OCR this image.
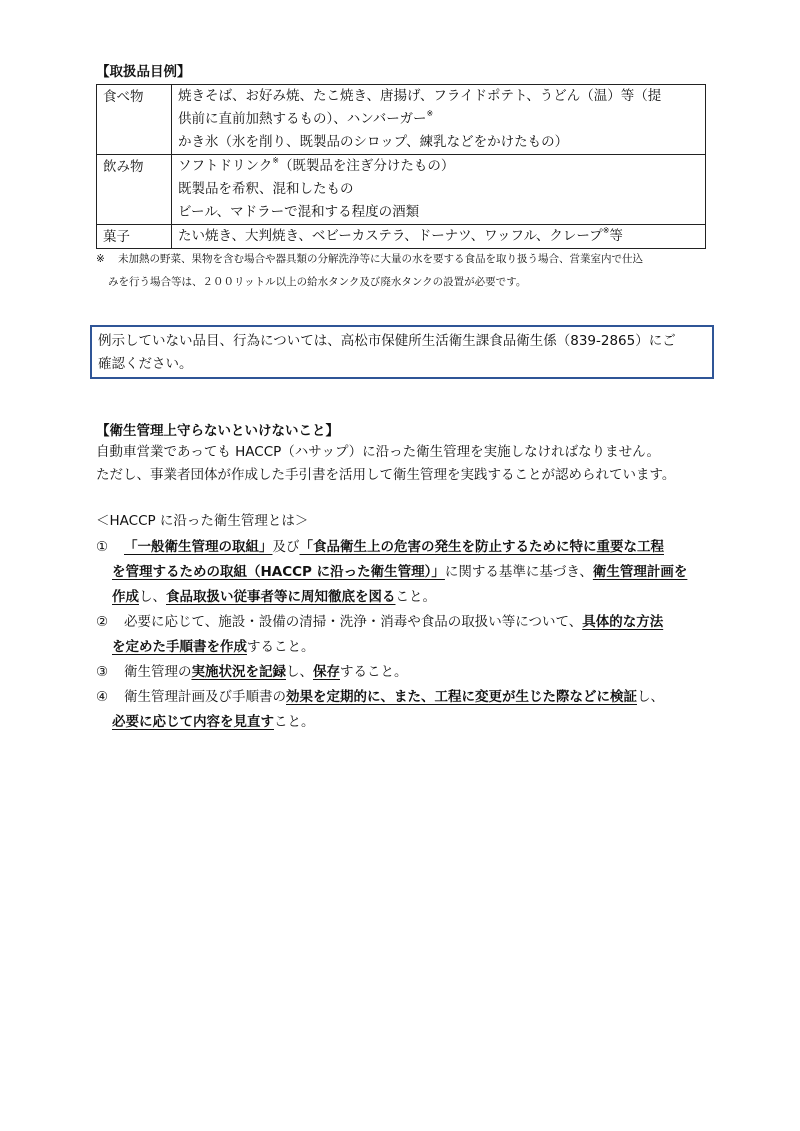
【取扱品目例】
食べ物	焼きそば、お好み焼、たこ焼き、唐揚げ、フライドポテト、うどん（温）等（提
供前に直前加熱するもの）、ハンバーガー※
かき氷（氷を削り、既製品のシロップ、練乳などをかけたもの）

飲み物	ソフトドリンク※（既製品を注ぎ分けたもの）
既製品を希釈、混和したもの
ビール、マドラーで混和する程度の酒類

菓子	たい焼き、大判焼き、ベビーカステラ、ドーナツ、ワッフル、クレープ※等
※ 未加熱の野菜、果物を含む場合や器具類の分解洗浄等に大量の水を要する食品を取り扱う場合、営業室内で仕込
みを行う場合等は、２００リットル以上の給水タンク及び廃水タンクの設置が必要です。
例示していない品目、行為については、高松市保健所生活衛生課食品衛生係（839-2865）にご
確認ください。
【衛生管理上守らないといけないこと】
自動車営業であっても HACCP（ハサップ）に沿った衛生管理を実施しなければなりません。
ただし、事業者団体が作成した手引書を活用して衛生管理を実践することが認められています。
＜HACCP に沿った衛生管理とは＞
①	「一般衛生管理の取組」及び「食品衛生上の危害の発生を防止するために特に重要な工程
を管理するための取組（HACCP に沿った衛生管理）」に関する基準に基づき、衛生管理計画を
作成し、食品取扱い従事者等に周知徹底を図ること。
②	必要に応じて、施設・設備の清掃・洗浄・消毒や食品の取扱い等について、具体的な方法
を定めた手順書を作成すること。
③	衛生管理の実施状況を記録し、保存すること。
④	衛生管理計画及び手順書の効果を定期的に、また、工程に変更が生じた際などに検証し、
必要に応じて内容を見直すこと。
